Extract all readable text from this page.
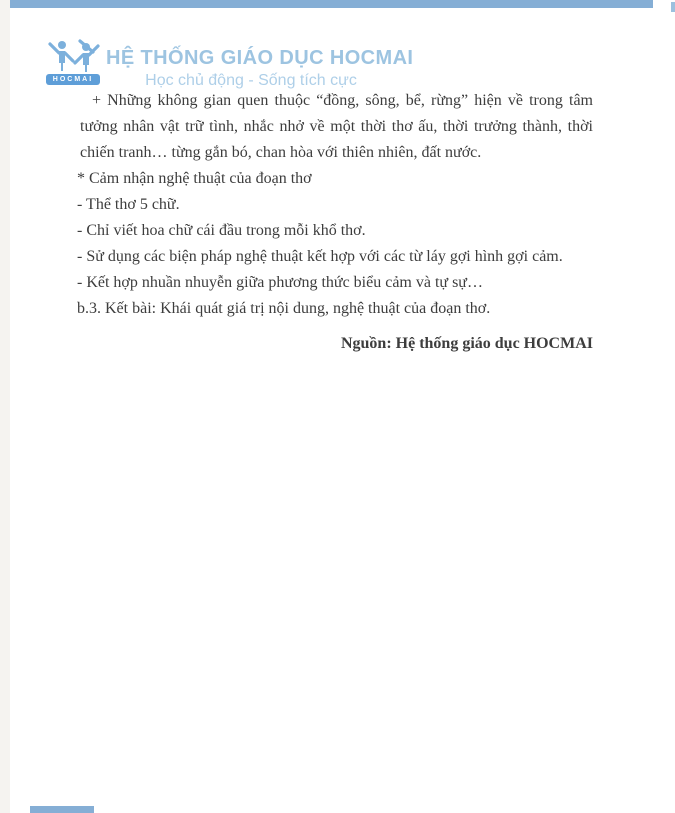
HOCMAI
HỆ THỐNG GIÁO DỤC HOCMAI
Học chủ động - Sống tích cực

+ Những không gian quen thuộc “đồng, sông, bể, rừng” hiện về trong tâm tưởng nhân vật trữ tình, nhắc nhở về một thời thơ ấu, thời trưởng thành, thời chiến tranh… từng gắn bó, chan hòa với thiên nhiên, đất nước.

* Cảm nhận nghệ thuật của đoạn thơ
- Thể thơ 5 chữ.
- Chỉ viết hoa chữ cái đầu trong mỗi khổ thơ.
- Sử dụng các biện pháp nghệ thuật kết hợp với các từ láy gợi hình gợi cảm.
- Kết hợp nhuần nhuyễn giữa phương thức biểu cảm và tự sự…
b.3. Kết bài: Khái quát giá trị nội dung, nghệ thuật của đoạn thơ.
Nguồn: Hệ thống giáo dục HOCMAI
